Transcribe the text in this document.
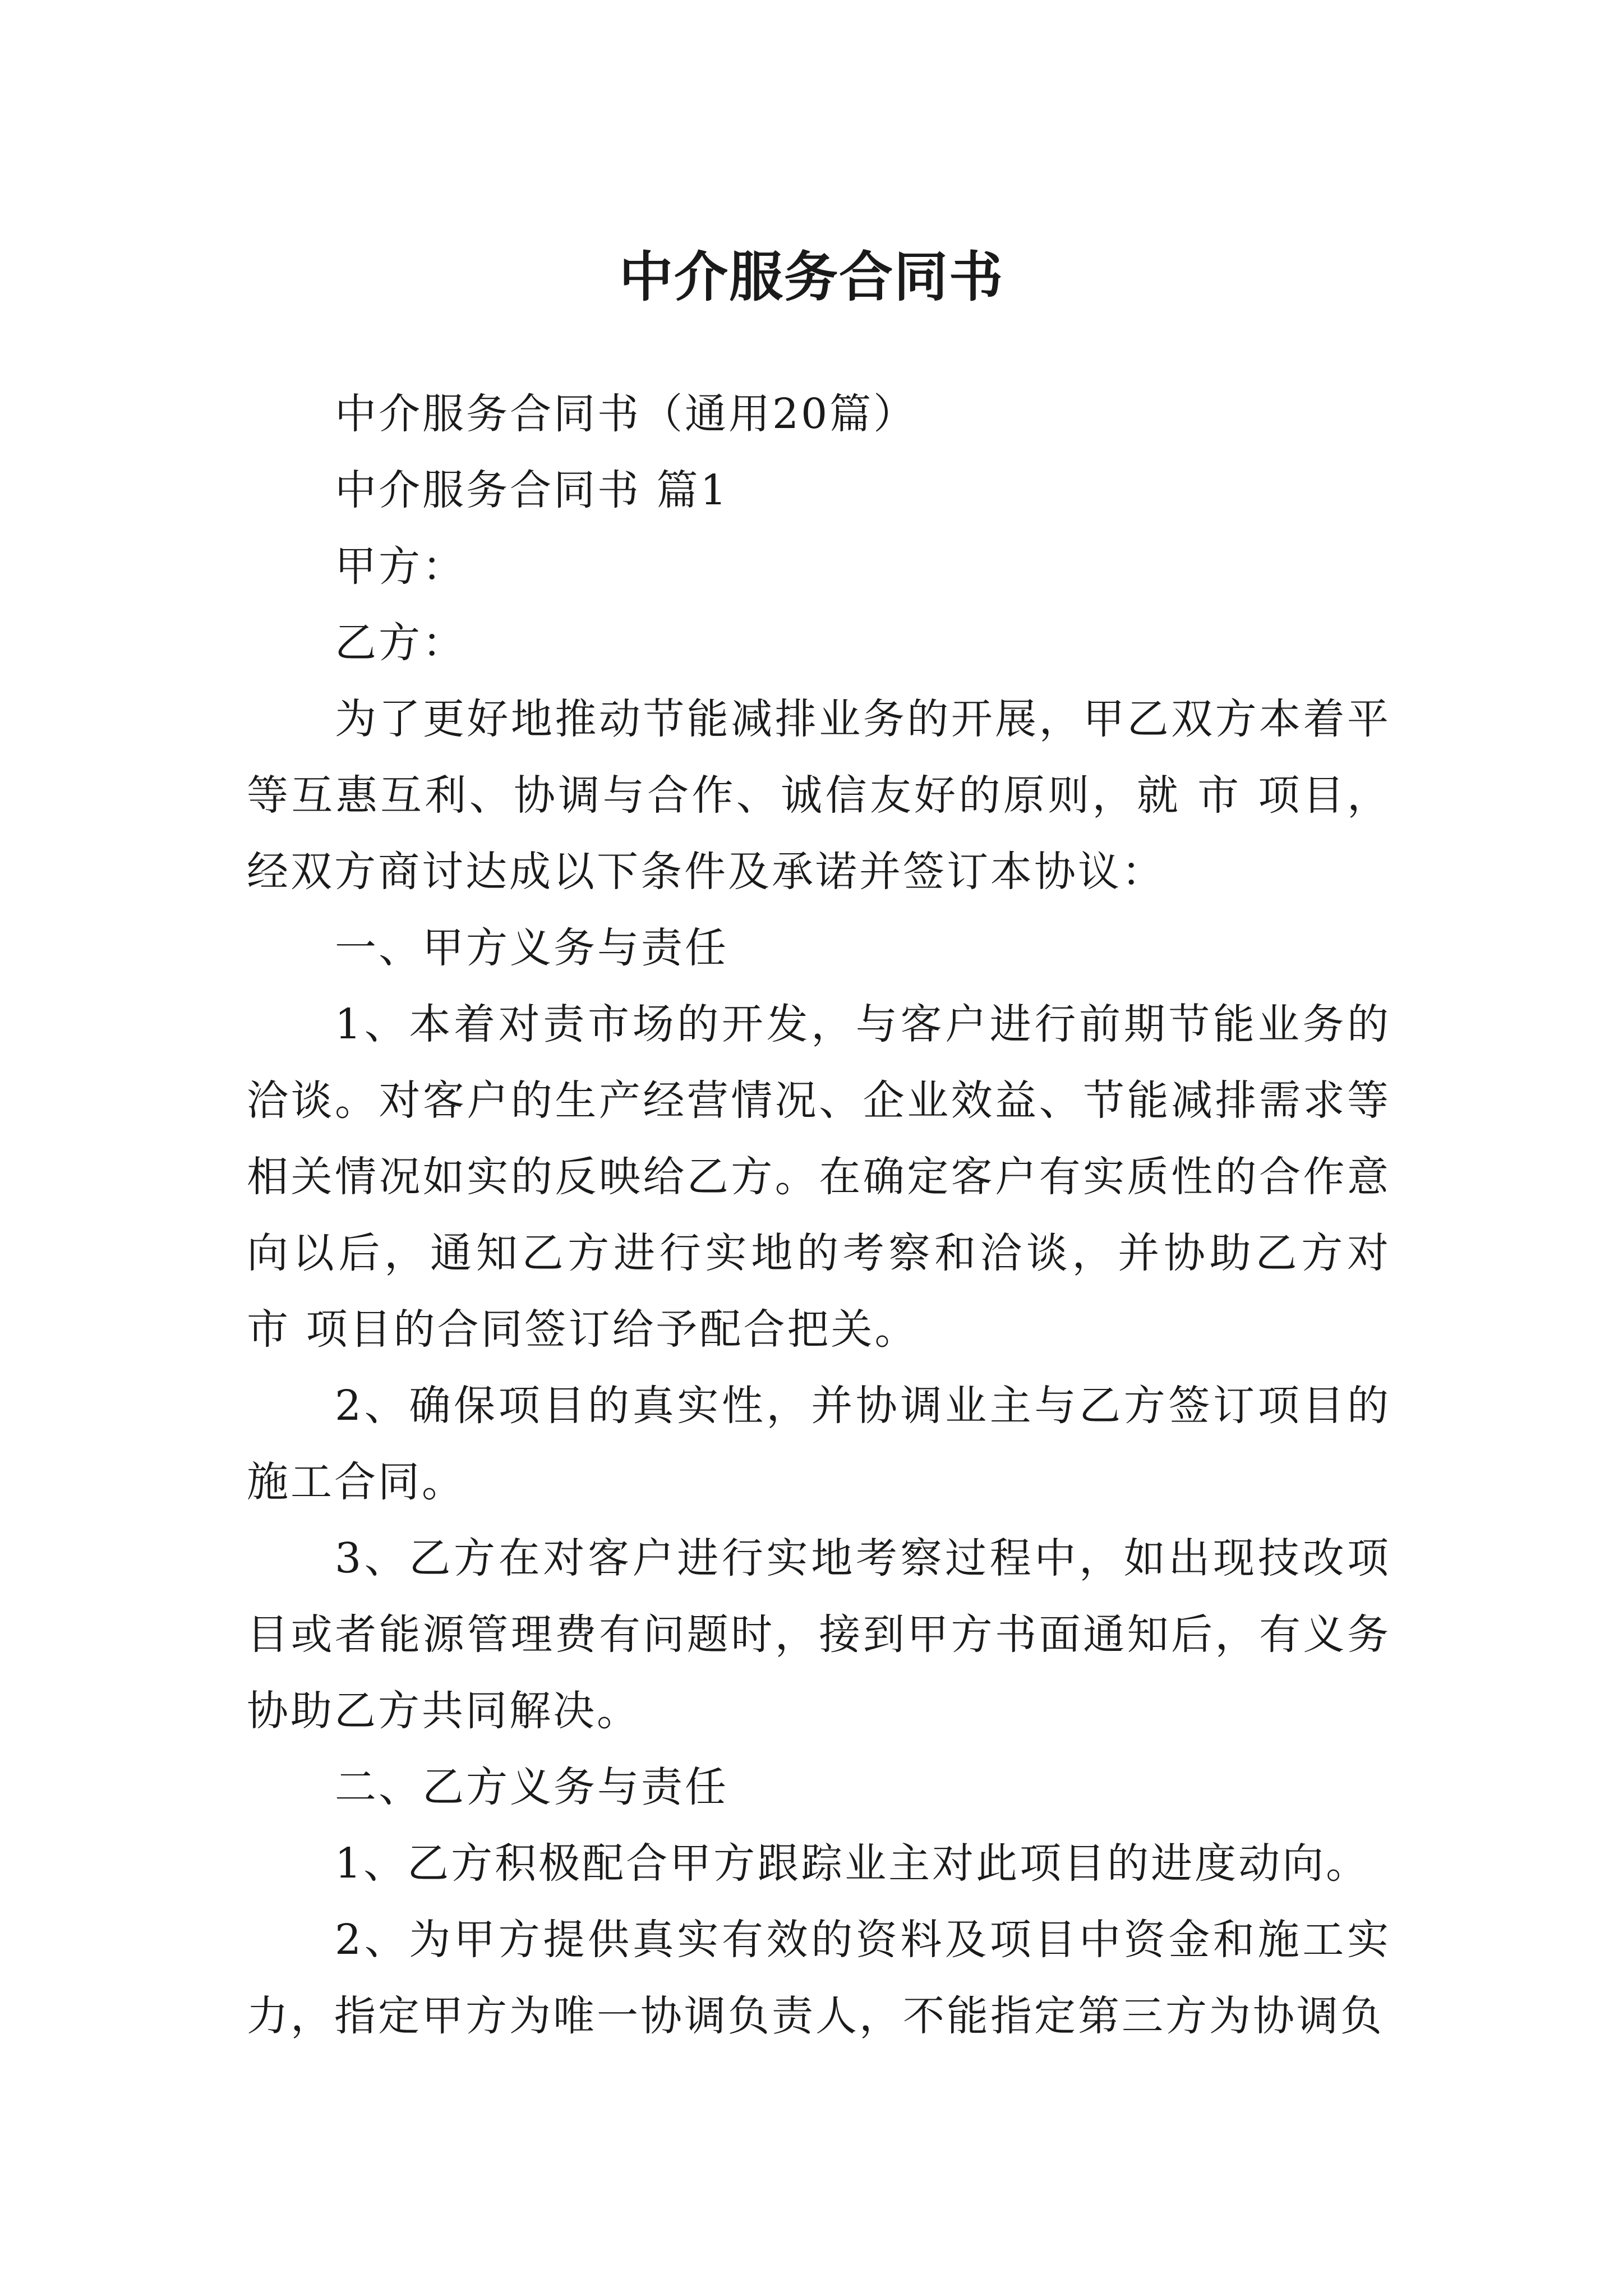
中介服务合同书

中介服务合同书（通用20篇）

中介服务合同书 篇1

甲方：

乙方：

为了更好地推动节能减排业务的开展，甲乙双方本着平等互惠互利、协调与合作、诚信友好的原则，就 市 项目，经双方商讨达成以下条件及承诺并签订本协议：

一、甲方义务与责任

1、本着对责市场的开发，与客户进行前期节能业务的洽谈。对客户的生产经营情况、企业效益、节能减排需求等相关情况如实的反映给乙方。在确定客户有实质性的合作意向以后，通知乙方进行实地的考察和洽谈，并协助乙方对 市 项目的合同签订给予配合把关。

2、确保项目的真实性，并协调业主与乙方签订项目的施工合同。

3、乙方在对客户进行实地考察过程中，如出现技改项目或者能源管理费有问题时，接到甲方书面通知后，有义务协助乙方共同解决。

二、乙方义务与责任

1、乙方积极配合甲方跟踪业主对此项目的进度动向。

2、为甲方提供真实有效的资料及项目中资金和施工实力，指定甲方为唯一协调负责人，不能指定第三方为协调负
